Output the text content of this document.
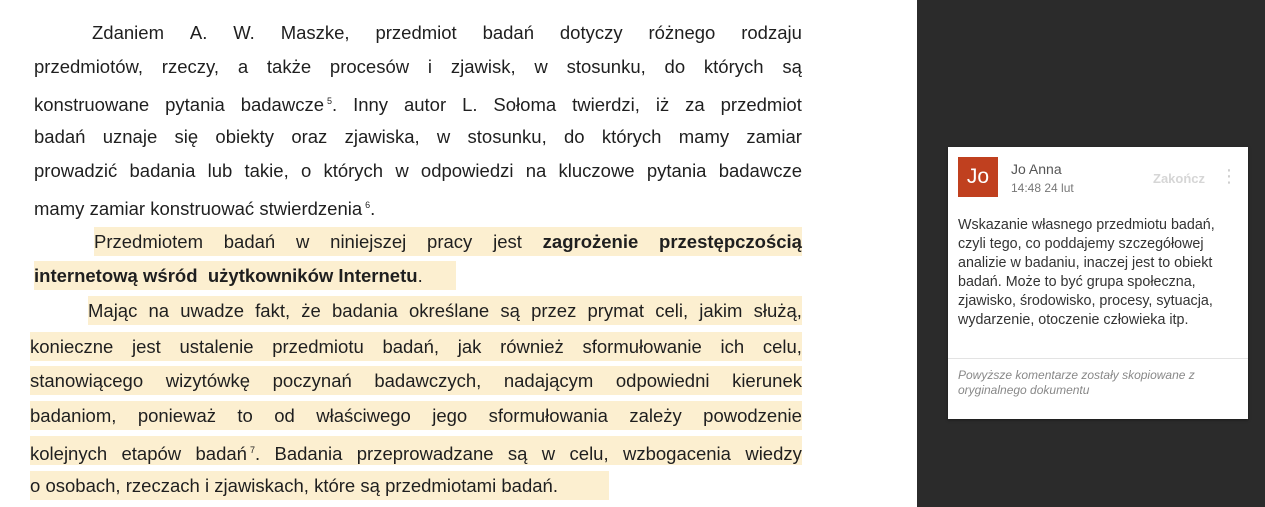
Zdaniem A. W. Maszke, przedmiot badań dotyczy różnego rodzaju
przedmiotów, rzeczy, a także procesów i zjawisk, w stosunku, do których są
konstruowane pytania badawcze $^5$. Inny autor L. Sołoma twierdzi, iż za przedmiot
badań uznaje się obiekty oraz zjawiska, w stosunku, do których mamy zamiar
prowadzić badania lub takie, o których w odpowiedzi na kluczowe pytania badawcze
mamy zamiar konstruować stwierdzenia $^6$.
Przedmiotem badań w niniejszej pracy jest zagrożenie przestępczością
internetową wśród użytkowników Internetu.
Mając na uwadze fakt, że badania określane są przez prymat celi, jakim służą,
konieczne jest ustalenie przedmiotu badań, jak również sformułowanie ich celu,
stanowiącego wizytówkę poczynań badawczych, nadającym odpowiedni kierunek
badaniom, ponieważ to od właściwego jego sformułowania zależy powodzenie
kolejnych etapów badań $^7$. Badania przeprowadzane są w celu, wzbogacenia wiedzy
o osobach, rzeczach i zjawiskach, które są przedmiotami badań.
Jo	Jo Anna
14:48 24 lut
Zakończ ⋮
Wskazanie własnego przedmiotu badań, czyli tego, co poddajemy szczegółowej analizie w badaniu, inaczej jest to obiekt badań. Może to być grupa społeczna, zjawisko, środowisko, procesy, sytuacja, wydarzenie, otoczenie człowieka itp.
Powyższe komentarze zostały skopiowane z oryginalnego dokumentu
